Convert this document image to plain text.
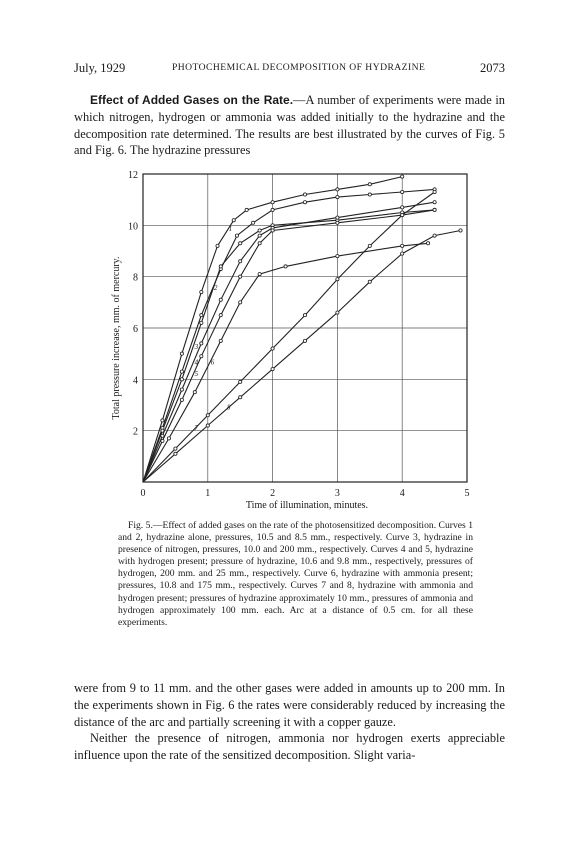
July, 1929	PHOTOCHEMICAL DECOMPOSITION OF HYDRAZINE	2073

Effect of Added Gases on the Rate.—A number of experiments were made in which nitrogen, hydrogen or ammonia was added initially to the hydrazine and the decomposition rate determined. The results are best illustrated by the curves of Fig. 5 and Fig. 6. The hydrazine pressures

1
2
3
4
5
6
7
8
0	1	2	3	4	5
2
4
6
8
10
12
Time of illumination, minutes.
Total pressure increase, mm. of mercury.
Fig. 5.—Effect of added gases on the rate of the photosensitized decomposition. Curves 1 and 2, hydrazine alone, pressures, 10.5 and 8.5 mm., respectively. Curve 3, hydrazine in presence of nitrogen, pressures, 10.0 and 200 mm., respectively. Curves 4 and 5, hydrazine with hydrogen present; pressure of hydrazine, 10.6 and 9.8 mm., respectively, pressures of hydrogen, 200 mm. and 25 mm., respectively. Curve 6, hydrazine with ammonia present; pressures, 10.8 and 175 mm., respectively. Curves 7 and 8, hydrazine with ammonia and hydrogen present; pressures of hydrazine approximately 10 mm., pressures of ammonia and hydrogen approximately 100 mm. each. Arc at a distance of 0.5 cm. for all these experiments.

were from 9 to 11 mm. and the other gases were added in amounts up to 200 mm. In the experiments shown in Fig. 6 the rates were considerably reduced by increasing the distance of the arc and partially screening it with a copper gauze.

Neither the presence of nitrogen, ammonia nor hydrogen exerts appreciable influence upon the rate of the sensitized decomposition. Slight varia-
